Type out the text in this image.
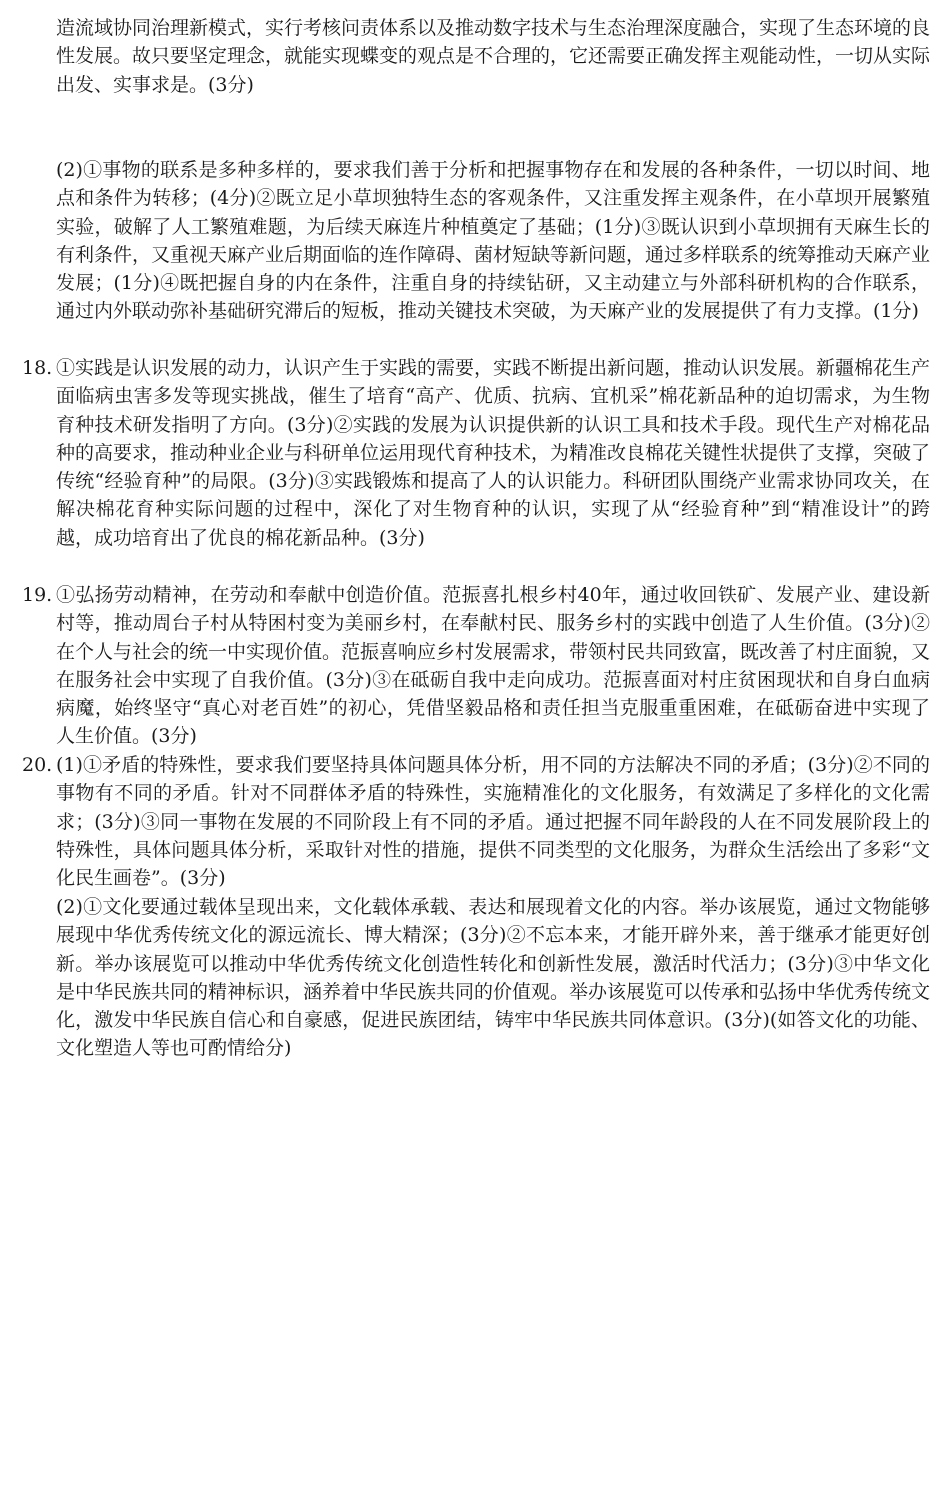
造流域协同治理新模式，实行考核问责体系以及推动数字技术与生态治理深度融合，实现了生态环境的良性发展。故只要坚定理念，就能实现蝶变的观点是不合理的，它还需要正确发挥主观能动性，一切从实际出发、实事求是。(3分)

(2)①事物的联系是多种多样的，要求我们善于分析和把握事物存在和发展的各种条件，一切以时间、地点和条件为转移；(4分)②既立足小草坝独特生态的客观条件，又注重发挥主观条件，在小草坝开展繁殖实验，破解了人工繁殖难题，为后续天麻连片种植奠定了基础；(1分)③既认识到小草坝拥有天麻生长的有利条件，又重视天麻产业后期面临的连作障碍、菌材短缺等新问题，通过多样联系的统筹推动天麻产业发展；(1分)④既把握自身的内在条件，注重自身的持续钻研，又主动建立与外部科研机构的合作联系，通过内外联动弥补基础研究滞后的短板，推动关键技术突破，为天麻产业的发展提供了有力支撑。(1分)

18. ①实践是认识发展的动力，认识产生于实践的需要，实践不断提出新问题，推动认识发展。新疆棉花生产面临病虫害多发等现实挑战，催生了培育“高产、优质、抗病、宜机采”棉花新品种的迫切需求，为生物育种技术研发指明了方向。(3分)②实践的发展为认识提供新的认识工具和技术手段。现代生产对棉花品种的高要求，推动种业企业与科研单位运用现代育种技术，为精准改良棉花关键性状提供了支撑，突破了传统“经验育种”的局限。(3分)③实践锻炼和提高了人的认识能力。科研团队围绕产业需求协同攻关，在解决棉花育种实际问题的过程中，深化了对生物育种的认识，实现了从“经验育种”到“精准设计”的跨越，成功培育出了优良的棉花新品种。(3分)
19. ①弘扬劳动精神，在劳动和奉献中创造价值。范振喜扎根乡村40年，通过收回铁矿、发展产业、建设新村等，推动周台子村从特困村变为美丽乡村，在奉献村民、服务乡村的实践中创造了人生价值。(3分)②在个人与社会的统一中实现价值。范振喜响应乡村发展需求，带领村民共同致富，既改善了村庄面貌，又在服务社会中实现了自我价值。(3分)③在砥砺自我中走向成功。范振喜面对村庄贫困现状和自身白血病病魔，始终坚守“真心对老百姓”的初心，凭借坚毅品格和责任担当克服重重困难，在砥砺奋进中实现了人生价值。(3分)
20. (1)①矛盾的特殊性，要求我们要坚持具体问题具体分析，用不同的方法解决不同的矛盾；(3分)②不同的事物有不同的矛盾。针对不同群体矛盾的特殊性，实施精准化的文化服务，有效满足了多样化的文化需求；(3分)③同一事物在发展的不同阶段上有不同的矛盾。通过把握不同年龄段的人在不同发展阶段上的特殊性，具体问题具体分析，采取针对性的措施，提供不同类型的文化服务，为群众生活绘出了多彩“文化民生画卷”。(3分)

(2)①文化要通过载体呈现出来，文化载体承载、表达和展现着文化的内容。举办该展览，通过文物能够展现中华优秀传统文化的源远流长、博大精深；(3分)②不忘本来，才能开辟外来，善于继承才能更好创新。举办该展览可以推动中华优秀传统文化创造性转化和创新性发展，激活时代活力；(3分)③中华文化是中华民族共同的精神标识，涵养着中华民族共同的价值观。举办该展览可以传承和弘扬中华优秀传统文化，激发中华民族自信心和自豪感，促进民族团结，铸牢中华民族共同体意识。(3分)(如答文化的功能、文化塑造人等也可酌情给分)
